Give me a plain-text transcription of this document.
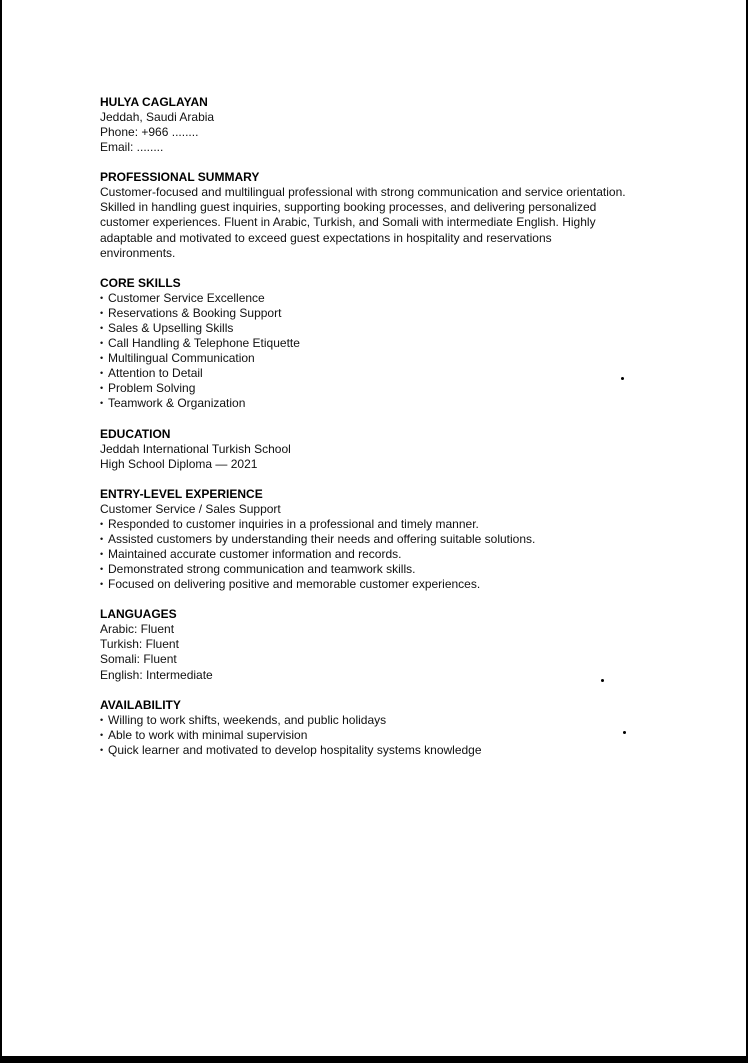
HULYA CAGLAYAN
Jeddah, Saudi Arabia
Phone: +966 ........
Email: ........
PROFESSIONAL SUMMARY
Customer-focused and multilingual professional with strong communication and service orientation.
Skilled in handling guest inquiries, supporting booking processes, and delivering personalized
customer experiences. Fluent in Arabic, Turkish, and Somali with intermediate English. Highly
adaptable and motivated to exceed guest expectations in hospitality and reservations
environments.
CORE SKILLS
• Customer Service Excellence
• Reservations & Booking Support
• Sales & Upselling Skills
• Call Handling & Telephone Etiquette
• Multilingual Communication
• Attention to Detail
• Problem Solving
• Teamwork & Organization
EDUCATION
Jeddah International Turkish School
High School Diploma — 2021
ENTRY-LEVEL EXPERIENCE
Customer Service / Sales Support
• Responded to customer inquiries in a professional and timely manner.
• Assisted customers by understanding their needs and offering suitable solutions.
• Maintained accurate customer information and records.
• Demonstrated strong communication and teamwork skills.
• Focused on delivering positive and memorable customer experiences.
LANGUAGES
Arabic: Fluent
Turkish: Fluent
Somali: Fluent
English: Intermediate
AVAILABILITY
• Willing to work shifts, weekends, and public holidays
• Able to work with minimal supervision
• Quick learner and motivated to develop hospitality systems knowledge
